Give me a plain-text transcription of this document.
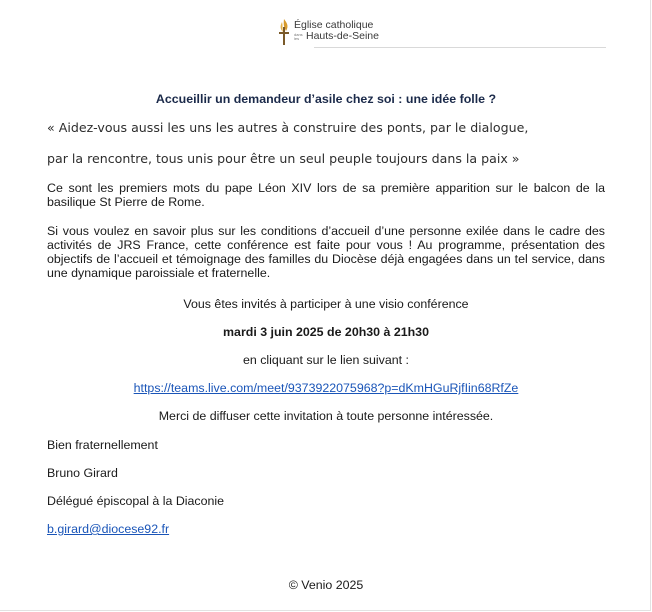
Église catholique
dans les Hauts-de-Seine

Accueillir un demandeur d’asile chez soi : une idée folle ?

« Aidez-vous aussi les uns les autres à construire des ponts, par le dialogue,

par la rencontre, tous unis pour être un seul peuple toujours dans la paix »

Ce sont les premiers mots du pape Léon XIV lors de sa première apparition sur le balcon de la basilique St Pierre de Rome.

Si vous voulez en savoir plus sur les conditions d’accueil d’une personne exilée dans le cadre des activités de JRS France, cette conférence est faite pour vous ! Au programme, présentation des objectifs de l’accueil et témoignage des familles du Diocèse déjà engagées dans un tel service, dans une dynamique paroissiale et fraternelle.

Vous êtes invités à participer à une visio conférence

mardi 3 juin 2025 de 20h30 à 21h30

en cliquant sur le lien suivant :

https://teams.live.com/meet/9373922075968?p=dKmHGuRjfIin68RfZe

Merci de diffuser cette invitation à toute personne intéressée.

Bien fraternellement

Bruno Girard

Délégué épiscopal à la Diaconie

b.girard@diocese92.fr

© Venio 2025
